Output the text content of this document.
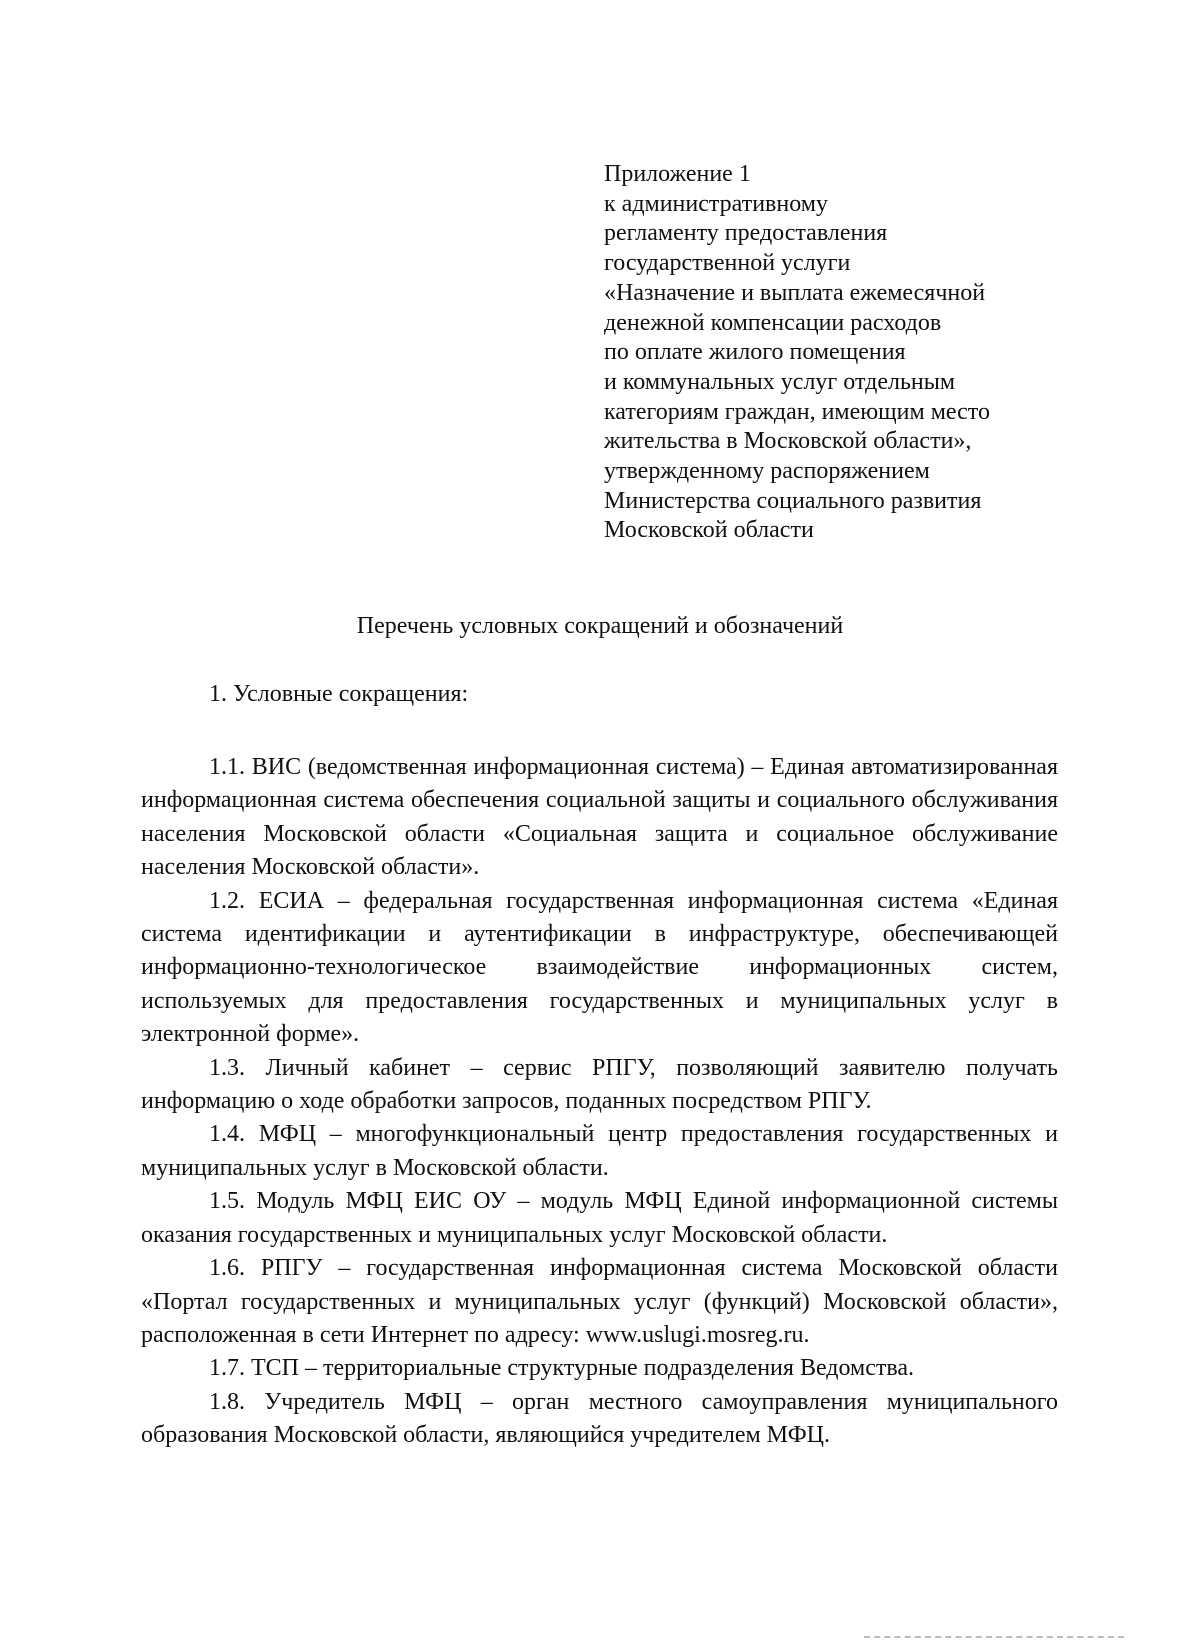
Приложение 1
к административному
регламенту предоставления
государственной услуги
«Назначение и выплата ежемесячной
денежной компенсации расходов
по оплате жилого помещения
и коммунальных услуг отдельным
категориям граждан, имеющим место
жительства в Московской области»,
утвержденному распоряжением
Министерства социального развития
Московской области
Перечень условных сокращений и обозначений
1. Условные сокращения:

1.1. ВИС (ведомственная информационная система) – Единая автоматизированная информационная система обеспечения социальной защиты и социального обслуживания населения Московской области «Социальная защита и социальное обслуживание населения Московской области».

1.2. ЕСИА – федеральная государственная информационная система «Единая система идентификации и аутентификации в инфраструктуре, обеспечивающей информационно-технологическое взаимодействие информационных систем, используемых для предоставления государственных и муниципальных услуг в электронной форме».

1.3. Личный кабинет – сервис РПГУ, позволяющий заявителю получать информацию о ходе обработки запросов, поданных посредством РПГУ.

1.4. МФЦ – многофункциональный центр предоставления государственных и муниципальных услуг в Московской области.

1.5. Модуль МФЦ ЕИС ОУ – модуль МФЦ Единой информационной системы оказания государственных и муниципальных услуг Московской области.

1.6. РПГУ – государственная информационная система Московской области «Портал государственных и муниципальных услуг (функций) Московской области», расположенная в сети Интернет по адресу: www.uslugi.mosreg.ru.

1.7. ТСП – территориальные структурные подразделения Ведомства.

1.8. Учредитель МФЦ – орган местного самоуправления муниципального образования Московской области, являющийся учредителем МФЦ.
